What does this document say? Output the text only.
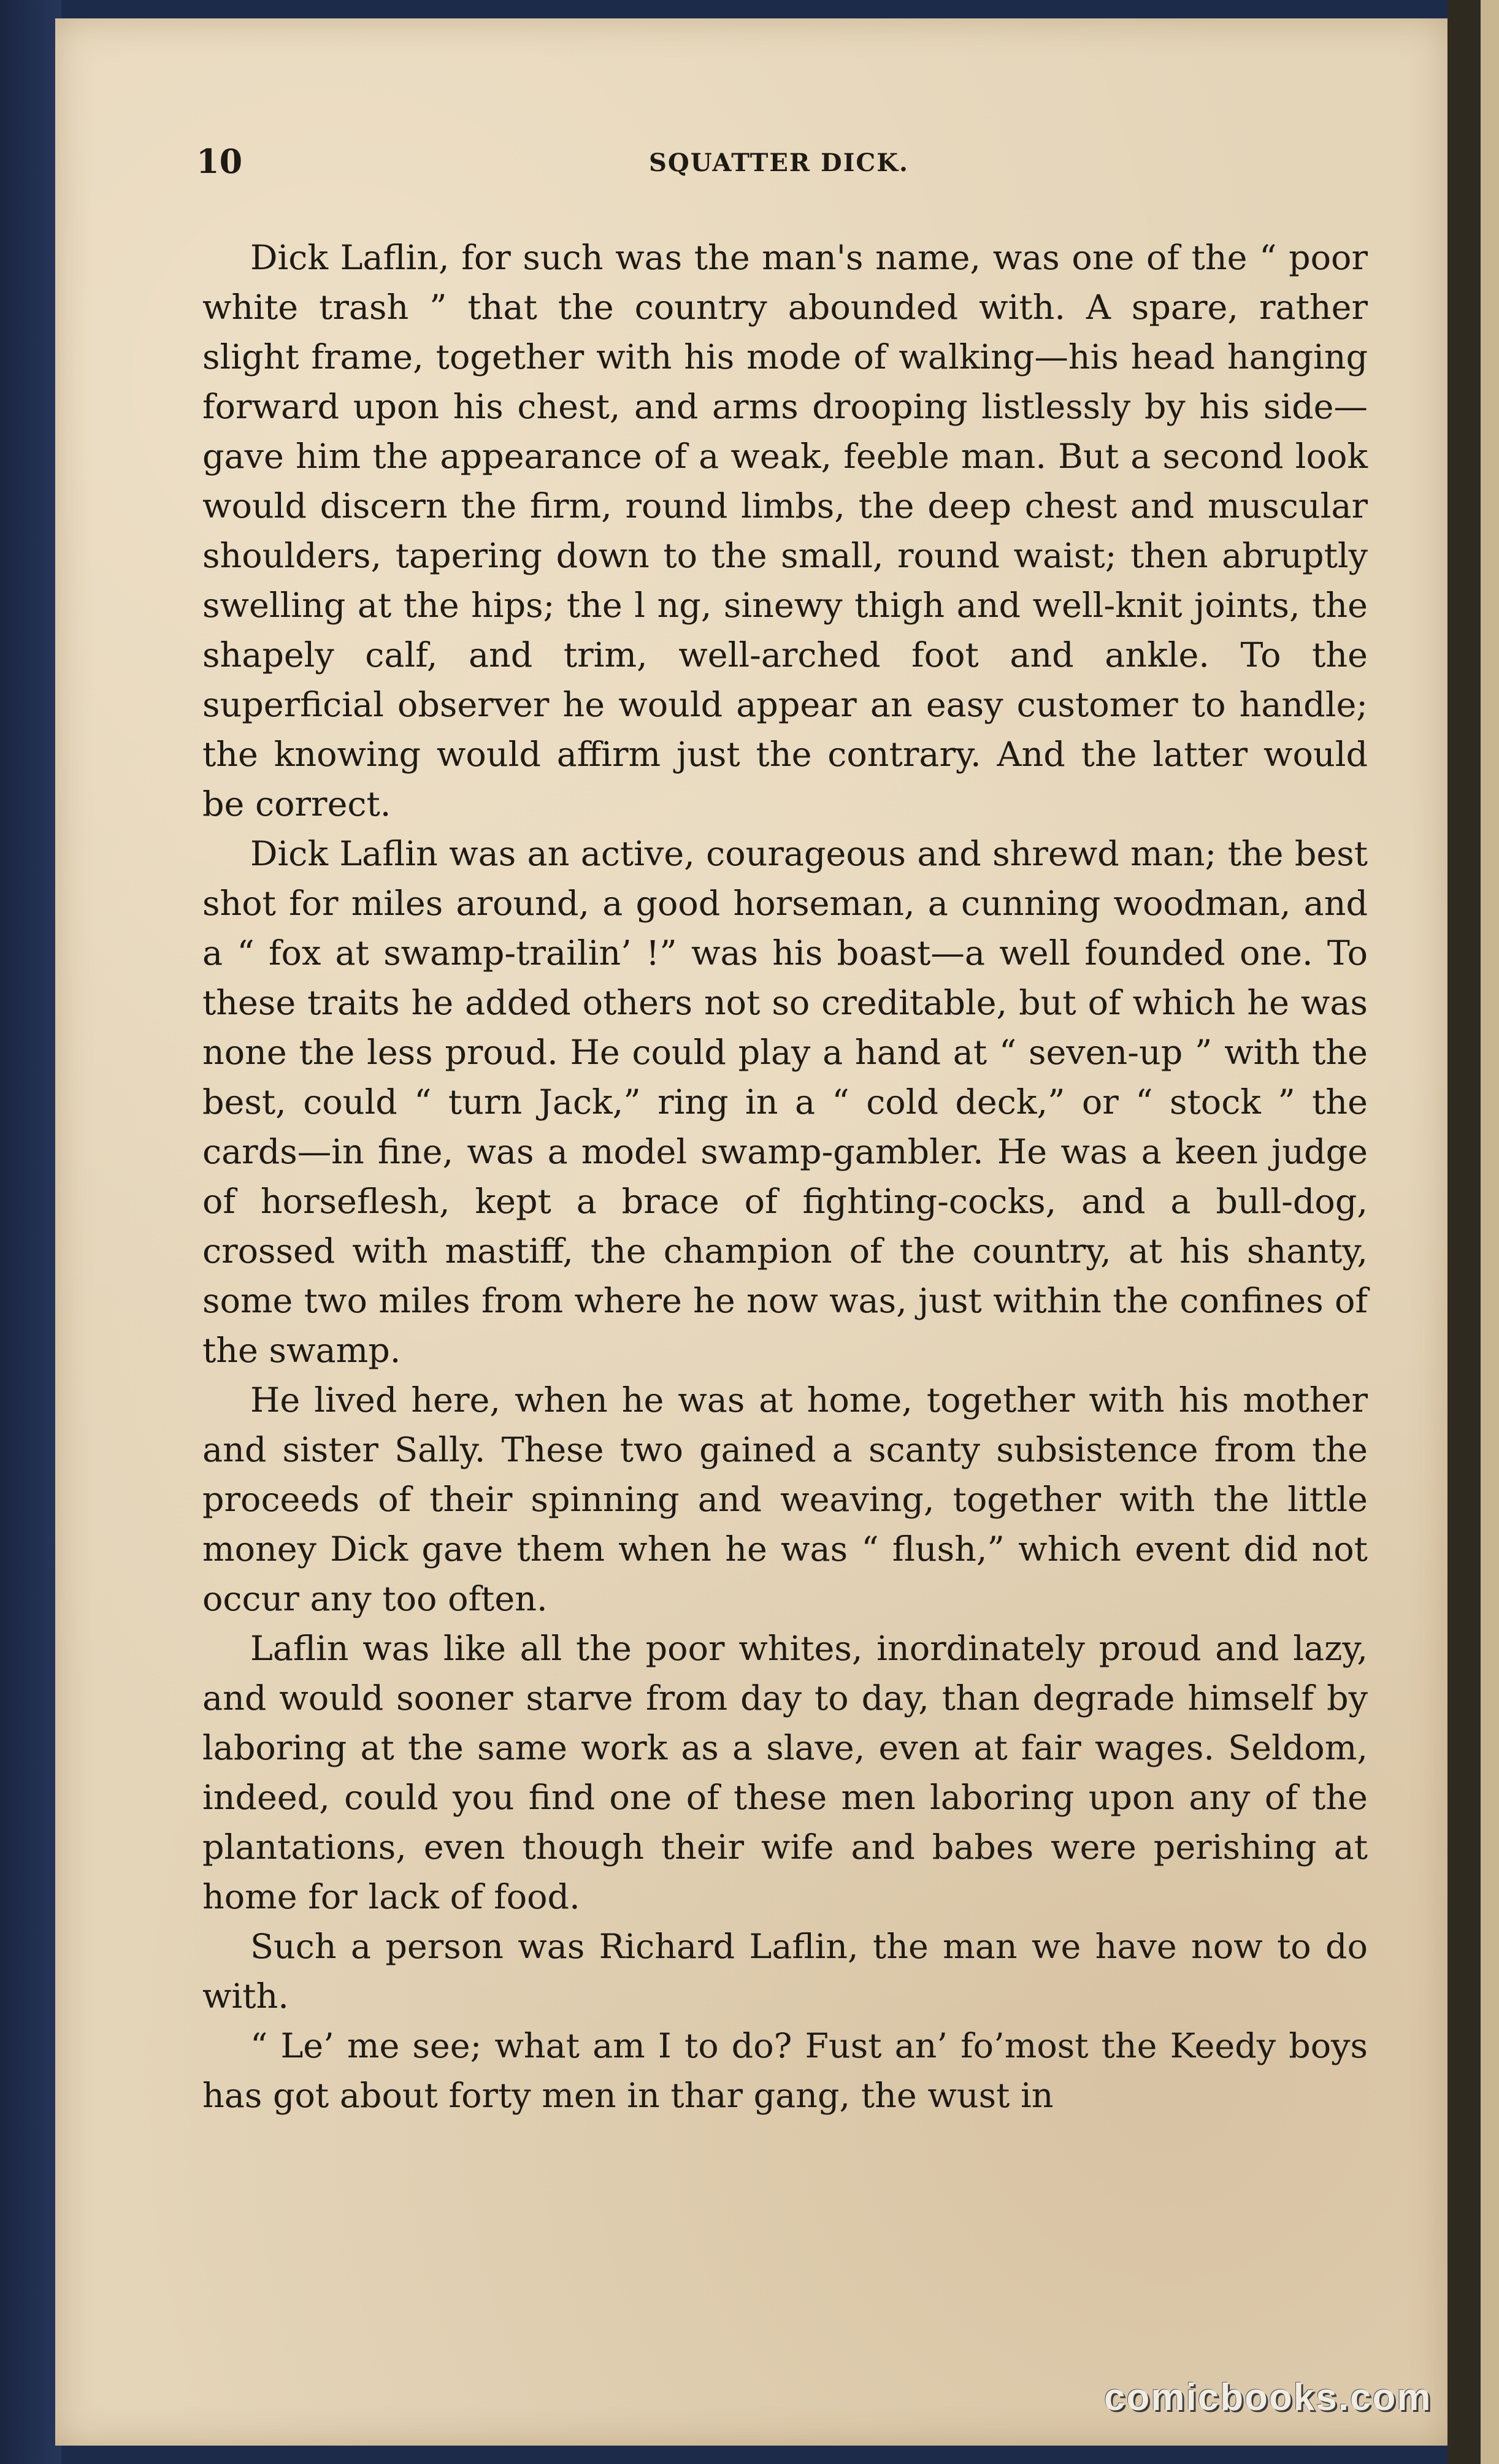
10	SQUATTER DICK.

Dick Laflin, for such was the man's name, was one of the “ poor white trash ” that the country abounded with. A spare, rather slight frame, together with his mode of walking—his head hanging forward upon his chest, and arms drooping listlessly by his side—gave him the appearance of a weak, feeble man. But a second look would discern the firm, round limbs, the deep chest and muscular shoulders, tapering down to the small, round waist; then abruptly swelling at the hips; the l ng, sinewy thigh and well-knit joints, the shapely calf, and trim, well-arched foot and ankle. To the superficial observer he would appear an easy customer to handle; the knowing would affirm just the contrary. And the latter would be correct.

Dick Laflin was an active, courageous and shrewd man; the best shot for miles around, a good horseman, a cunning woodman, and a “ fox at swamp-trailin’ !” was his boast—a well founded one. To these traits he added others not so creditable, but of which he was none the less proud. He could play a hand at “ seven-up ” with the best, could “ turn Jack,” ring in a “ cold deck,” or “ stock ” the cards—in fine, was a model swamp-gambler. He was a keen judge of horseflesh, kept a brace of fighting-cocks, and a bull-dog, crossed with mastiff, the champion of the country, at his shanty, some two miles from where he now was, just within the confines of the swamp.

He lived here, when he was at home, together with his mother and sister Sally. These two gained a scanty subsistence from the proceeds of their spinning and weaving, together with the little money Dick gave them when he was “ flush,” which event did not occur any too often.

Laflin was like all the poor whites, inordinately proud and lazy, and would sooner starve from day to day, than degrade himself by laboring at the same work as a slave, even at fair wages. Seldom, indeed, could you find one of these men laboring upon any of the plantations, even though their wife and babes were perishing at home for lack of food.

Such a person was Richard Laflin, the man we have now to do with.

“ Le’ me see; what am I to do? Fust an’ fo’most the Keedy boys has got about forty men in thar gang, the wust in

comicbooks.com
